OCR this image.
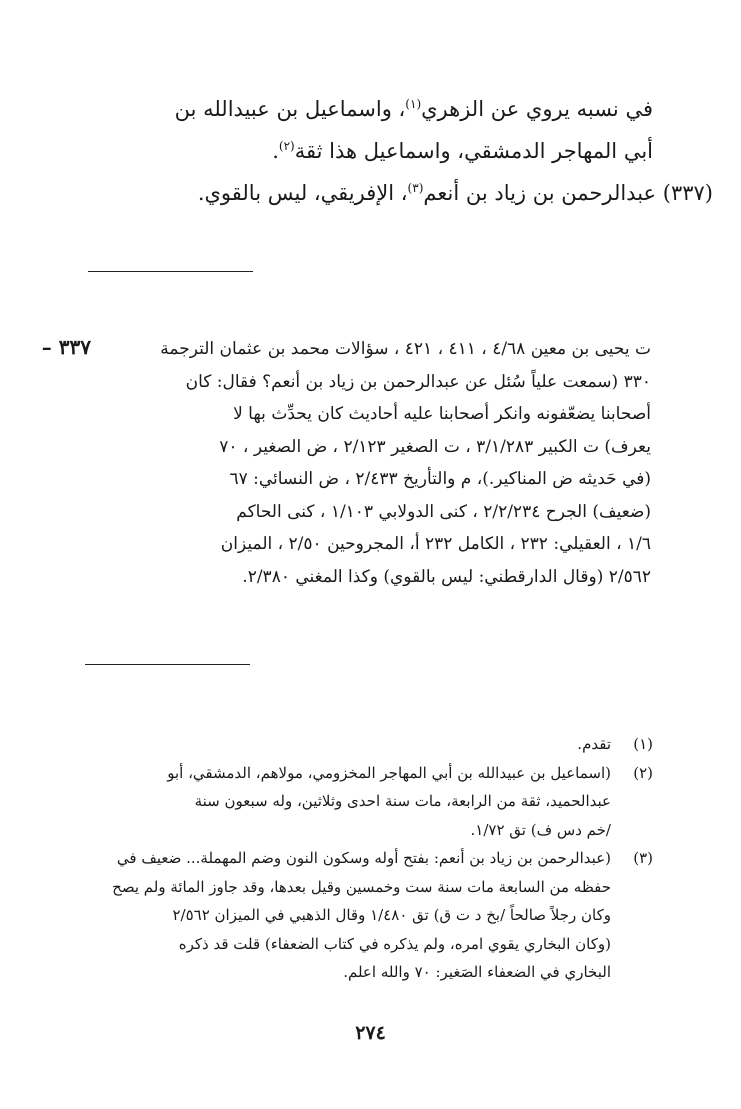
في نسبه يروي عن الزهري$^{(١)}$، واسماعيل بن عبيدالله بن
أبي المهاجر الدمشقي، واسماعيل هذا ثقة$^{(٢)}$.
(٣٣٧) عبدالرحمن بن زياد بن أنعم$^{(٣)}$، الإفريقي، ليس بالقوي.
٣٣٧ –	ت يحيى بن معين ٤/٦٨ ، ٤١١ ، ٤٢١ ، سؤالات محمد بن عثمان الترجمة
٣٣٠ (سمعت علياً سُئل عن عبدالرحمن بن زياد بن أنعم؟ فقال: كان
أصحابنا يضعّفونه وانكر أصحابنا عليه أحاديث كان يحدِّث بها لا
يعرف) ت الكبير ٣/١/٢٨٣ ، ت الصغير ٢/١٢٣ ، ض الصغير ، ٧٠
(في حَديثه ض المناكير.)، م والتأريخ ٢/٤٣٣ ، ض النسائي: ٦٧
(ضعيف) الجرح ٢/٢/٢٣٤ ، كنى الدولابي ١/١٠٣ ، كنى الحاكم
١/٦ ، العقيلي: ٢٣٢ ، الكامل ٢٣٢ أ، المجروحين ٢/٥٠ ، الميزان
٢/٥٦٢ (وقال الدارقطني: ليس بالقوي) وكذا المغني ٢/٣٨٠.
(١)
تقدم.
(٢)
(اسماعيل بن عبيدالله بن أبي المهاجر المخزومي، مولاهم، الدمشقي، أبو
عبدالحميد، ثقة من الرابعة، مات سنة احدى وثلاثين، وله سبعون سنة
/خم دس ف) تق ١/٧٢.
(٣)
(عبدالرحمن بن زياد بن أنعم: بفتح أوله وسكون النون وضم المهملة... ضعيف في
حفظه من السابعة مات سنة ست وخمسين وقيل بعدها، وقد جاوز المائة ولم يصح
وكان رجلاً صالحاً /بخ د ت ق) تق ١/٤٨٠ وقال الذهبي في الميزان ٢/٥٦٢
(وكان البخاري يقوي امره، ولم يذكره في كتاب الضعفاء) قلت قد ذكره
البخاري في الضعفاء الصَغير: ٧٠ والله اعلم.
٢٧٤
